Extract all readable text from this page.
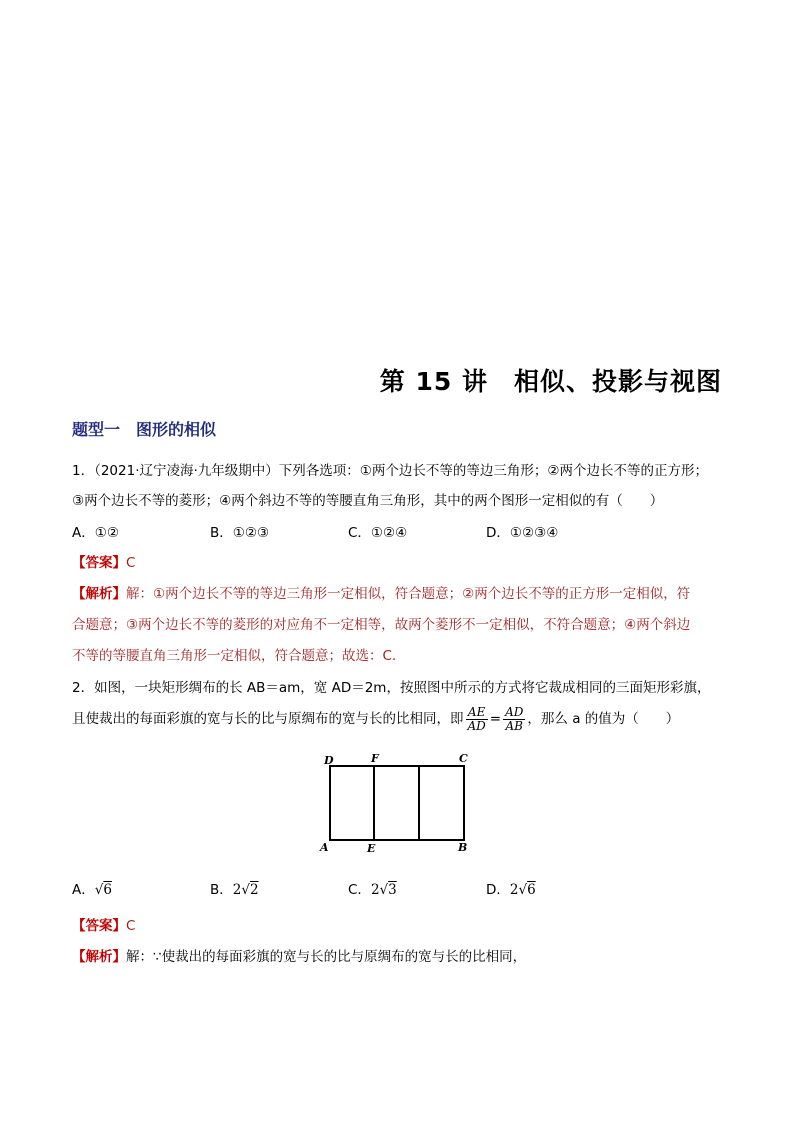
第 15 讲　相似、投影与视图
题型一　图形的相似
1．（2021·辽宁凌海·九年级期中）下列各选项：①两个边长不等的等边三角形；②两个边长不等的正方形；
③两个边长不等的菱形；④两个斜边不等的等腰直角三角形，其中的两个图形一定相似的有（　　）
A．①②	B．①②③	C．①②④	D．①②③④
【答案】C
【解析】解：①两个边长不等的等边三角形一定相似，符合题意；②两个边长不等的正方形一定相似，符
合题意；③两个边长不等的菱形的对应角不一定相等，故两个菱形不一定相似，不符合题意；④两个斜边
不等的等腰直角三角形一定相似，符合题意；故选：C.
2．如图，一块矩形绸布的长 AB＝am，宽 AD＝2m，按照图中所示的方式将它裁成相同的三面矩形彩旗，
且使裁出的每面彩旗的宽与长的比与原绸布的宽与长的比相同，即 $\frac{AE}{AD} = \frac{AD}{AB}$ ，那么 a 的值为（　　）
D	F	C
A	E	B
A．√6	B．2√2	C．2√3	D．2√6
【答案】C
【解析】解：∵使裁出的每面彩旗的宽与长的比与原绸布的宽与长的比相同，
